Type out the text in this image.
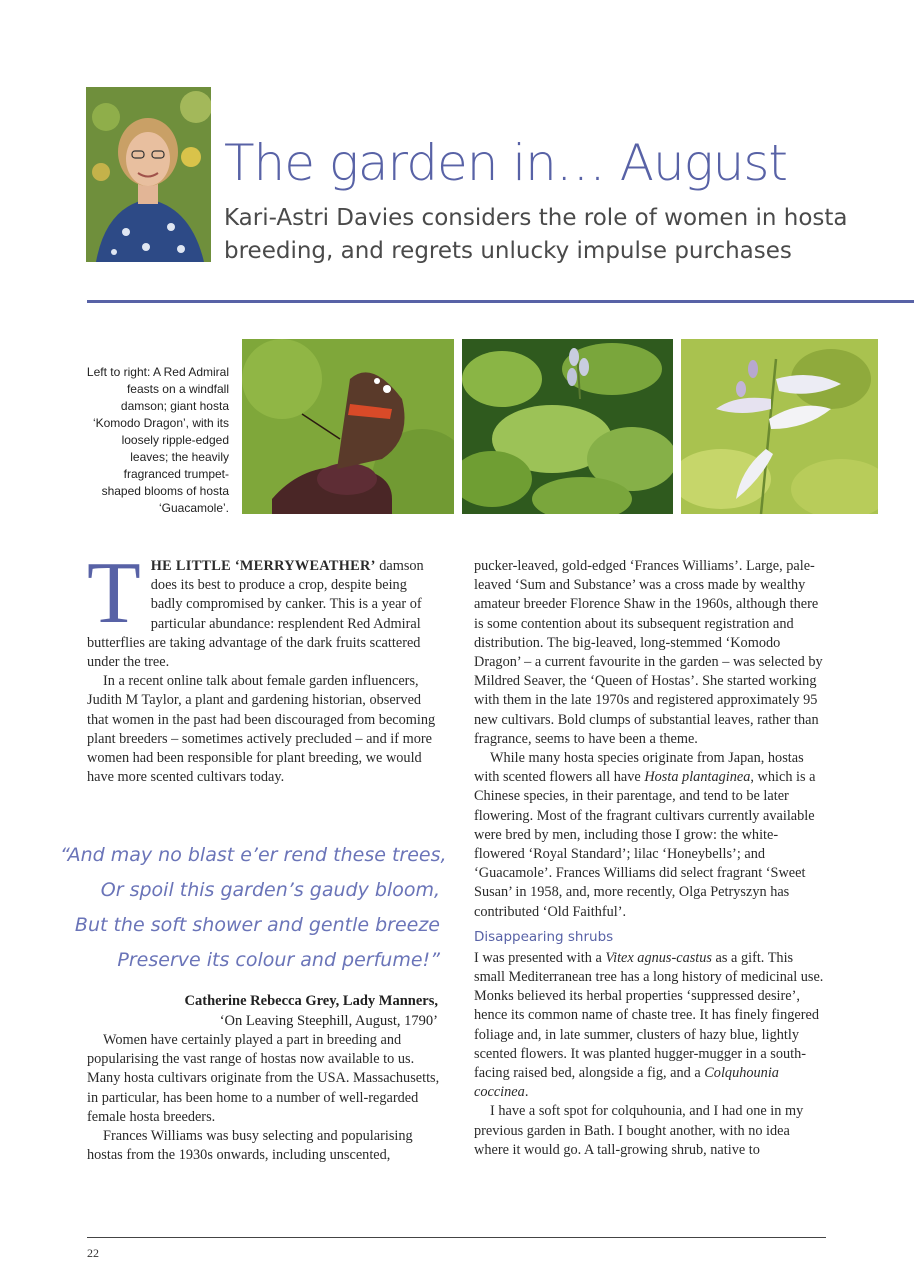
The garden in… August

Kari-Astri Davies considers the role of women in hosta breeding, and regrets unlucky impulse purchases

Left to right: A Red Admiral feasts on a windfall damson; giant hosta ‘Komodo Dragon’, with its loosely ripple-edged leaves; the heavily fragranced trumpet-shaped blooms of hosta ‘Guacamole’.

THE LITTLE ‘MERRYWEATHER’ damson does its best to produce a crop, despite being badly compromised by canker. This is a year of particular abundance: resplendent Red Admiral butterflies are taking advantage of the dark fruits scattered under the tree.

In a recent online talk about female garden influencers, Judith M Taylor, a plant and gardening historian, observed that women in the past had been discouraged from becoming plant breeders – sometimes actively precluded – and if more women had been responsible for plant breeding, we would have more scented cultivars today.

“And may no blast e’er rend these trees,
Or spoil this garden’s gaudy bloom,
But the soft shower and gentle breeze
Preserve its colour and perfume!”
Catherine Rebecca Grey, Lady Manners,
‘On Leaving Steephill, August, 1790’

Women have certainly played a part in breeding and popularising the vast range of hostas now available to us. Many hosta cultivars originate from the USA. Massachusetts, in particular, has been home to a number of well-regarded female hosta breeders.

Frances Williams was busy selecting and popularising hostas from the 1930s onwards, including unscented,

pucker-leaved, gold-edged ‘Frances Williams’. Large, pale-leaved ‘Sum and Substance’ was a cross made by wealthy amateur breeder Florence Shaw in the 1960s, although there is some contention about its subsequent registration and distribution. The big-leaved, long-stemmed ‘Komodo Dragon’ – a current favourite in the garden – was selected by Mildred Seaver, the ‘Queen of Hostas’. She started working with them in the late 1970s and registered approximately 95 new cultivars. Bold clumps of substantial leaves, rather than fragrance, seems to have been a theme.

While many hosta species originate from Japan, hostas with scented flowers all have Hosta plantaginea, which is a Chinese species, in their parentage, and tend to be later flowering. Most of the fragrant cultivars currently available were bred by men, including those I grow: the white-flowered ‘Royal Standard’; lilac ‘Honeybells’; and ‘Guacamole’. Frances Williams did select fragrant ‘Sweet Susan’ in 1958, and, more recently, Olga Petryszyn has contributed ‘Old Faithful’.

Disappearing shrubs

I was presented with a Vitex agnus-castus as a gift. This small Mediterranean tree has a long history of medicinal use. Monks believed its herbal properties ‘suppressed desire’, hence its common name of chaste tree. It has finely fingered foliage and, in late summer, clusters of hazy blue, lightly scented flowers. It was planted hugger-mugger in a south-facing raised bed, alongside a fig, and a Colquhounia coccinea.

I have a soft spot for colquhounia, and I had one in my previous garden in Bath. I bought another, with no idea where it would go. A tall-growing shrub, native to

22
